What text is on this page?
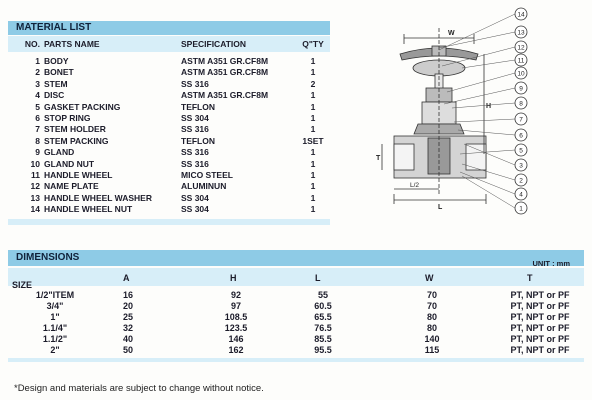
MATERIAL LIST
NO. PARTS NAME	SPECIFICATION	Q"TY
1 BODY	ASTM A351 GR.CF8M	1
2 BONET	ASTM A351 GR.CF8M	1
3 STEM	SS 316	2
4 DISC	ASTM A351 GR.CF8M	1
5 GASKET PACKING	TEFLON	1
6 STOP RING	SS 304	1
7 STEM HOLDER	SS 316	1
8 STEM PACKING	TEFLON	1SET
9 GLAND	SS 316	1
10 GLAND NUT	SS 316	1
11 HANDLE WHEEL	MICO STEEL	1
12 NAME PLATE	ALUMINUN	1
13 HANDLE WHEEL WASHER	SS 304	1
14 HANDLE WHEEL NUT	SS 304	1
W
H
T
L/2
L
14
13
12
11
10
9
8
7
6
5
3
2
4
1
DIMENSIONS
UNIT : mm
A	H	L	W	T
SIZE
1/2"ITEM	16	92	55	70	PT, NPT or PF
3/4"	20	97	60.5	70	PT, NPT or PF
1"	25	108.5	65.5	80	PT, NPT or PF
1.1/4"	32	123.5	76.5	80	PT, NPT or PF
1.1/2"	40	146	85.5	140	PT, NPT or PF
2"	50	162	95.5	115	PT, NPT or PF
*Design and materials are subject to change without notice.
